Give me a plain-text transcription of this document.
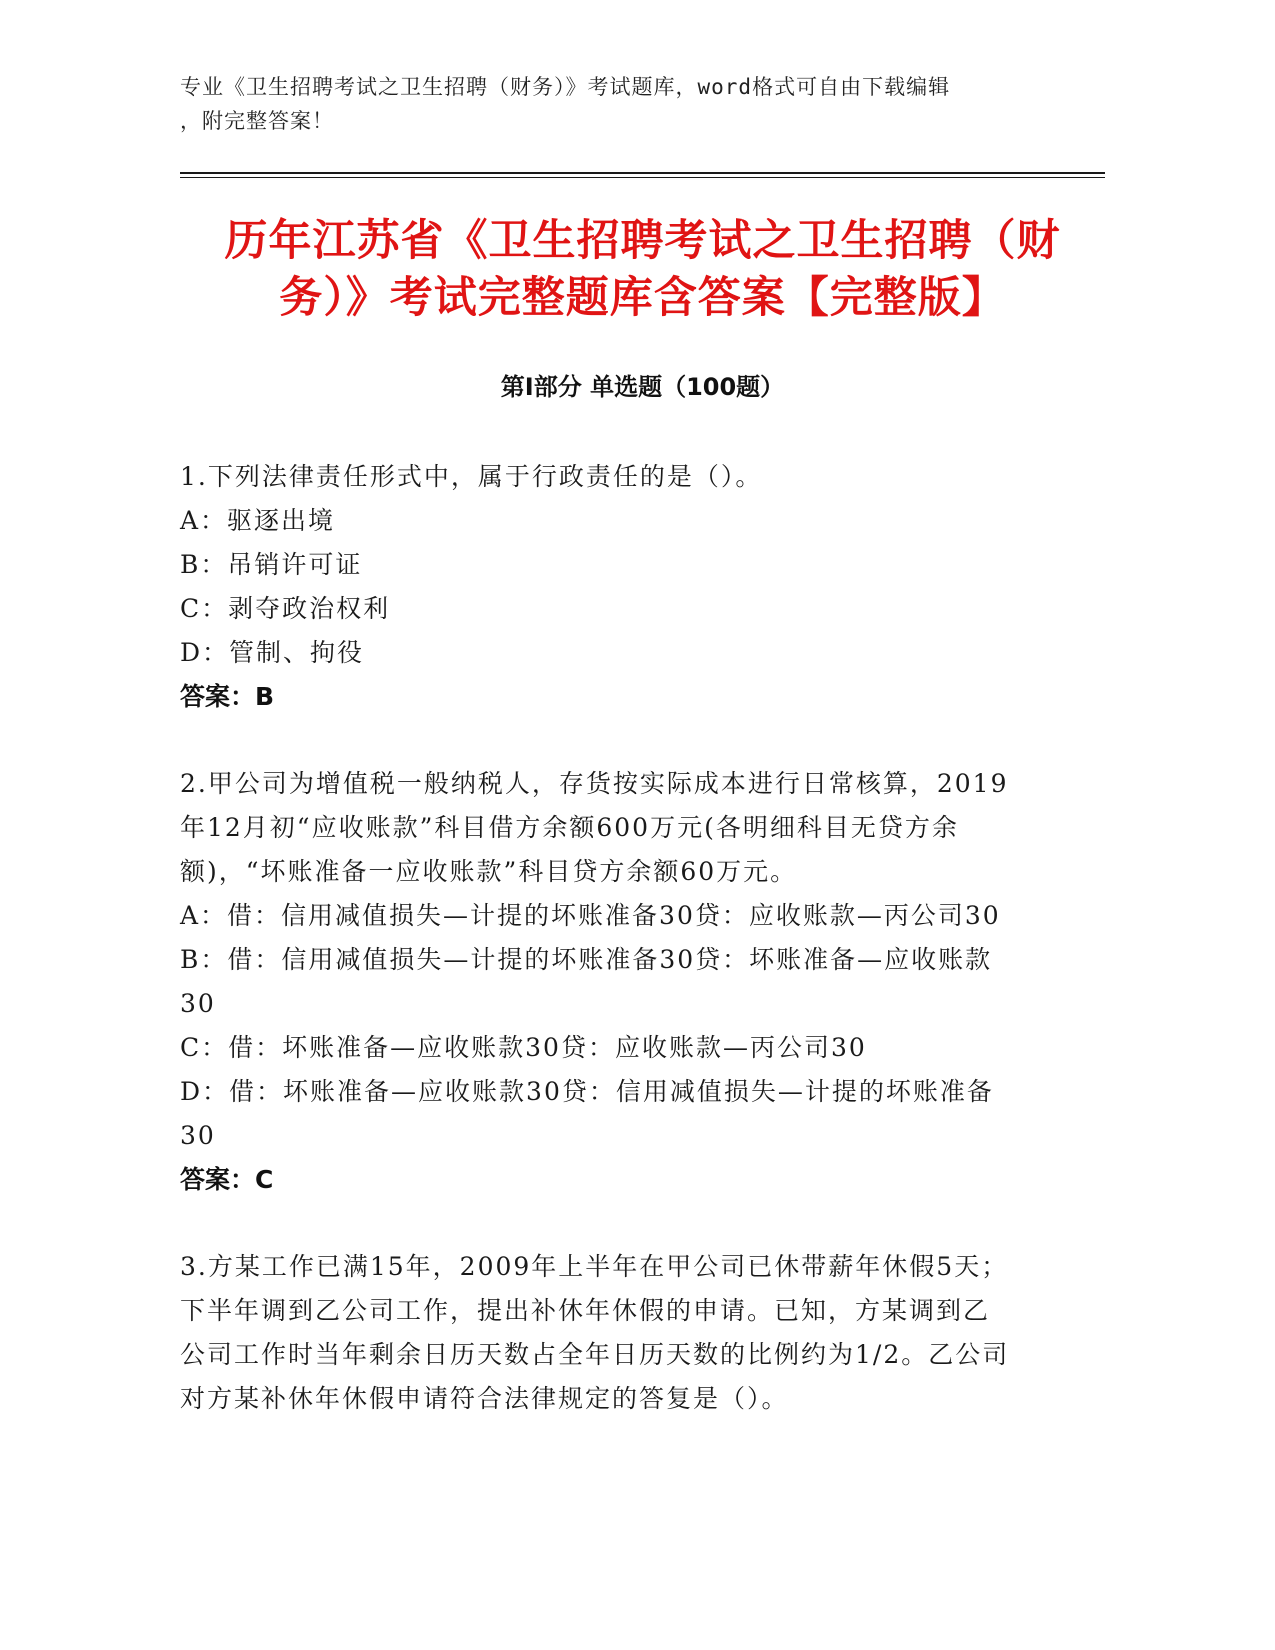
专业《卫生招聘考试之卫生招聘（财务）》考试题库，word格式可自由下载编辑
，附完整答案！
历年江苏省《卫生招聘考试之卫生招聘（财
务）》考试完整题库含答案【完整版】
第Ⅰ部分 单选题（100题）
1.下列法律责任形式中，属于行政责任的是（）。
A：驱逐出境
B：吊销许可证
C：剥夺政治权利
D：管制、拘役
答案：B
2.甲公司为增值税一般纳税人，存货按实际成本进行日常核算，2019
年12月初“应收账款”科目借方余额600万元(各明细科目无贷方余
额)，“坏账准备一应收账款”科目贷方余额60万元。
A：借：信用减值损失—计提的坏账准备30贷：应收账款—丙公司30
B：借：信用减值损失—计提的坏账准备30贷：坏账准备—应收账款
30
C：借：坏账准备—应收账款30贷：应收账款—丙公司30
D：借：坏账准备—应收账款30贷：信用减值损失—计提的坏账准备
30
答案：C
3.方某工作已满15年，2009年上半年在甲公司已休带薪年休假5天；
下半年调到乙公司工作，提出补休年休假的申请。已知，方某调到乙
公司工作时当年剩余日历天数占全年日历天数的比例约为1/2。乙公司
对方某补休年休假申请符合法律规定的答复是（）。
